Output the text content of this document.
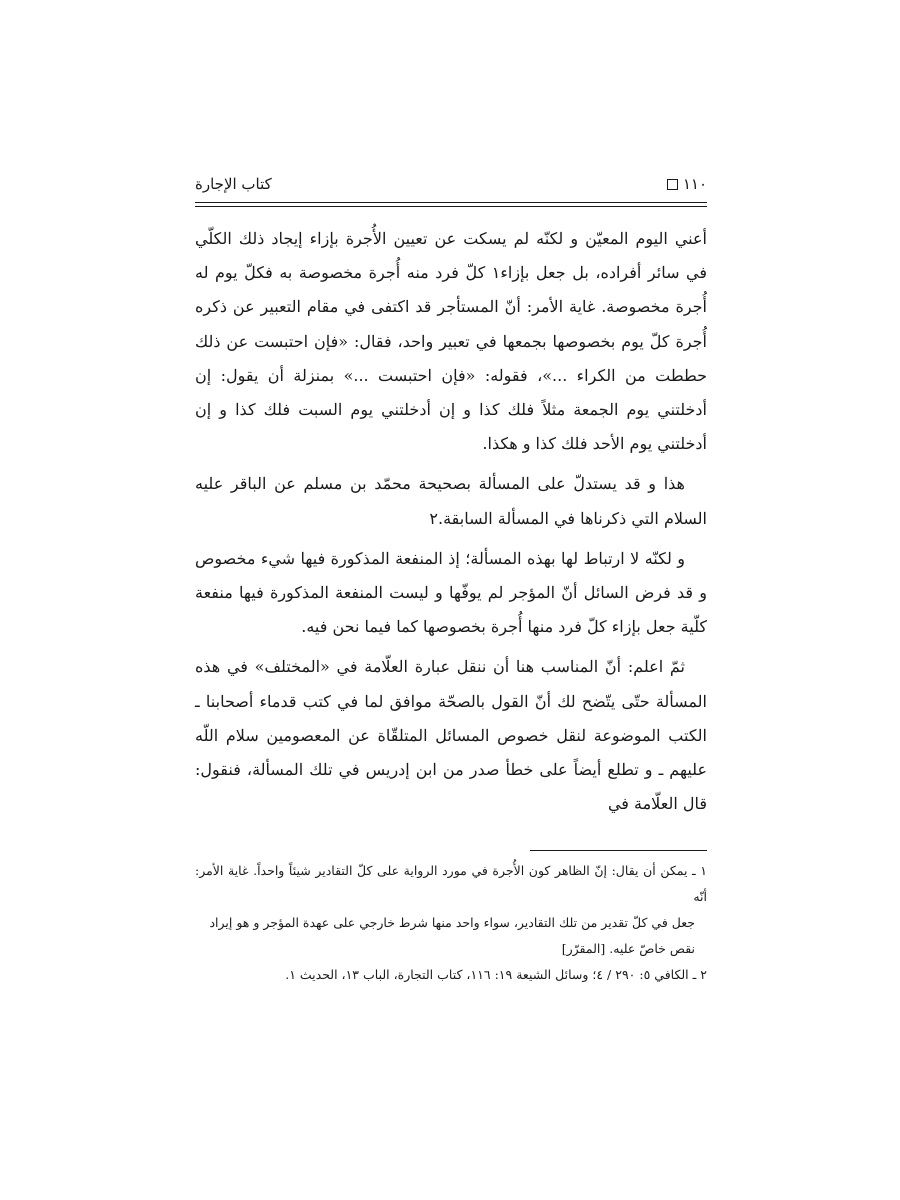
١١٠
كتاب الإجارة

أعني اليوم المعيّن و لكنّه لم يسكت عن تعيين الأُجرة بإزاء إيجاد ذلك الكلّي في سائر أفراده، بل جعل بإزاء١ كلّ فرد منه أُجرة مخصوصة به فكلّ يوم له أُجرة مخصوصة. غاية الأمر: أنّ المستأجر قد اكتفى في مقام التعبير عن ذكره أُجرة كلّ يوم بخصوصها بجمعها في تعبير واحد، فقال: «فإن احتبست عن ذلك حططت من الكراء ...»، فقوله: «فإن احتبست ...» بمنزلة أن يقول: إن أدخلتني يوم الجمعة مثلاً فلك كذا و إن أدخلتني يوم السبت فلك كذا و إن أدخلتني يوم الأحد فلك كذا و هكذا.

هذا و قد يستدلّ على المسألة بصحيحة محمّد بن مسلم عن الباقر عليه السلام التي ذكرناها في المسألة السابقة.٢

و لكنّه لا ارتباط لها بهذه المسألة؛ إذ المنفعة المذكورة فيها شيء مخصوص و قد فرض السائل أنّ المؤجر لم يوفّها و ليست المنفعة المذكورة فيها منفعة كلّية جعل بإزاء كلّ فرد منها أُجرة بخصوصها كما فيما نحن فيه.

ثمّ اعلم: أنّ المناسب هنا أن ننقل عبارة العلّامة في «المختلف» في هذه المسألة حتّى يتّضح لك أنّ القول بالصحّة موافق لما في كتب قدماء أصحابنا ـ الكتب الموضوعة لنقل خصوص المسائل المتلقّاة عن المعصومين سلام اللّه عليهم ـ و تطلع أيضاً على خطأ صدر من ابن إدريس في تلك المسألة، فنقول: قال العلّامة في

١ ـ يمكن أن يقال: إنّ الظاهر كون الأُجرة في مورد الرواية على كلّ التقادير شيئاً واحداً. غاية الأمر: أنّه

جعل في كلّ تقدير من تلك التقادير، سواء واحد منها شرط خارجي على عهدة المؤجر و هو إيراد

نقص خاصّ عليه. [المقرّر]

٢ ـ الكافي ٥: ٢٩٠ / ٤؛ وسائل الشيعة ١٩: ١١٦، كتاب التجارة، الباب ١٣، الحديث ١.
